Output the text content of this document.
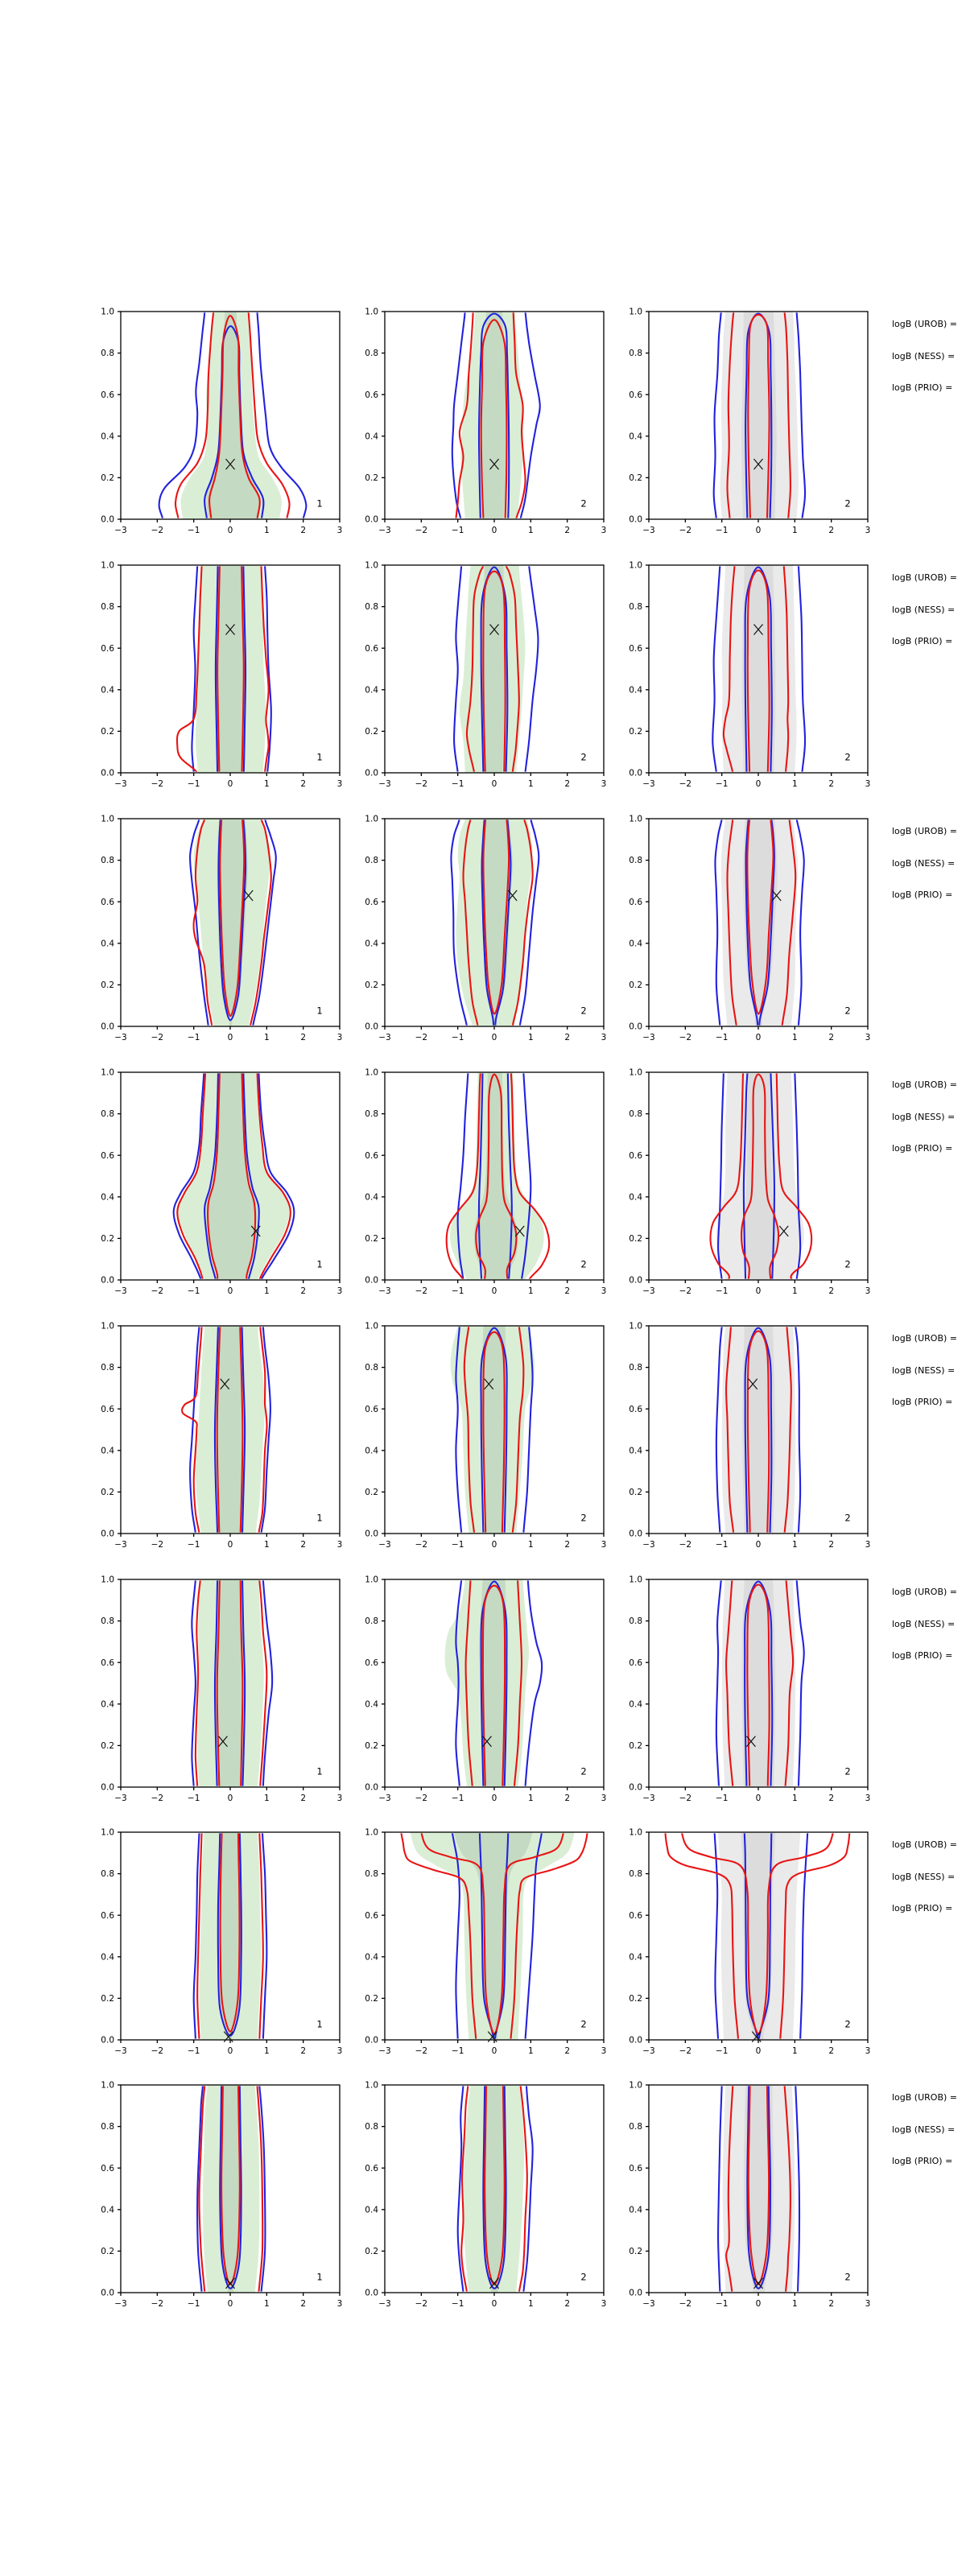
−3	−2	−1	0	1	2	3
0.0
0.2
0.4
0.6
0.8
1.0
1
−3	−2	−1	0	1	2	3
0.0
0.2
0.4
0.6
0.8
1.0
2
−3	−2	−1	0	1	2	3
0.0
0.2
0.4
0.6
0.8
1.0
2
logB (UROB) =
logB (NESS) =
logB (PRIO) =
−3	−2	−1	0	1	2	3
0.0
0.2
0.4
0.6
0.8
1.0
1
−3	−2	−1	0	1	2	3
0.0
0.2
0.4
0.6
0.8
1.0
2
−3	−2	−1	0	1	2	3
0.0
0.2
0.4
0.6
0.8
1.0
2
logB (UROB) =
logB (NESS) =
logB (PRIO) =
−3	−2	−1	0	1	2	3
0.0
0.2
0.4
0.6
0.8
1.0
1
−3	−2	−1	0	1	2	3
0.0
0.2
0.4
0.6
0.8
1.0
2
−3	−2	−1	0	1	2	3
0.0
0.2
0.4
0.6
0.8
1.0
2
logB (UROB) =
logB (NESS) =
logB (PRIO) =
−3	−2	−1	0	1	2	3
0.0
0.2
0.4
0.6
0.8
1.0
1
−3	−2	−1	0	1	2	3
0.0
0.2
0.4
0.6
0.8
1.0
2
−3	−2	−1	0	1	2	3
0.0
0.2
0.4
0.6
0.8
1.0
2
logB (UROB) =
logB (NESS) =
logB (PRIO) =
−3	−2	−1	0	1	2	3
0.0
0.2
0.4
0.6
0.8
1.0
1
−3	−2	−1	0	1	2	3
0.0
0.2
0.4
0.6
0.8
1.0
2
−3	−2	−1	0	1	2	3
0.0
0.2
0.4
0.6
0.8
1.0
2
logB (UROB) =
logB (NESS) =
logB (PRIO) =
−3	−2	−1	0	1	2	3
0.0
0.2
0.4
0.6
0.8
1.0
1
−3	−2	−1	0	1	2	3
0.0
0.2
0.4
0.6
0.8
1.0
2
−3	−2	−1	0	1	2	3
0.0
0.2
0.4
0.6
0.8
1.0
2
logB (UROB) =
logB (NESS) =
logB (PRIO) =
−3	−2	−1	0	1	2	3
0.0
0.2
0.4
0.6
0.8
1.0
1
−3	−2	−1	0	1	2	3
0.0
0.2
0.4
0.6
0.8
1.0
2
−3	−2	−1	0	1	2	3
0.0
0.2
0.4
0.6
0.8
1.0
2
logB (UROB) =
logB (NESS) =
logB (PRIO) =
−3	−2	−1	0	1	2	3
0.0
0.2
0.4
0.6
0.8
1.0
1
−3	−2	−1	0	1	2	3
0.0
0.2
0.4
0.6
0.8
1.0
2
−3	−2	−1	0	1	2	3
0.0
0.2
0.4
0.6
0.8
1.0
2
logB (UROB) =
logB (NESS) =
logB (PRIO) =
